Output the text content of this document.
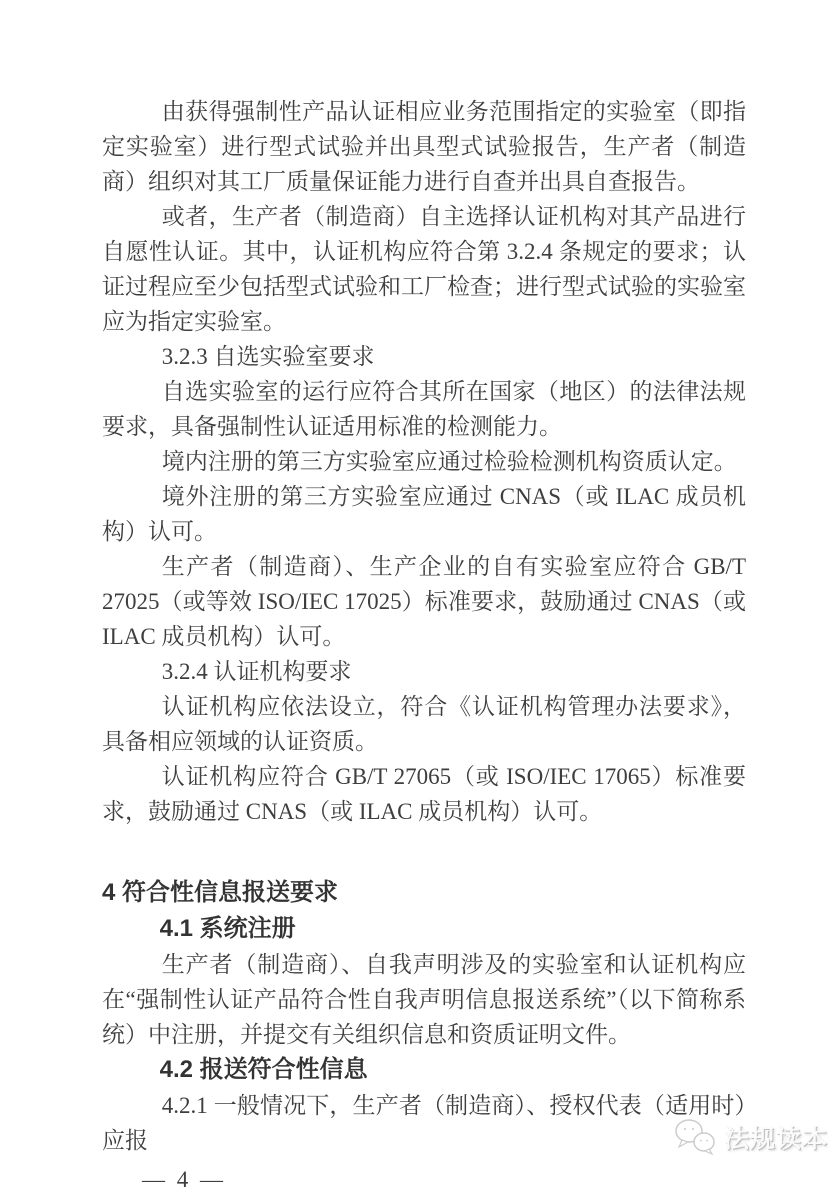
由获得强制性产品认证相应业务范围指定的实验室（即指定实验室）进行型式试验并出具型式试验报告，生产者（制造商）组织对其工厂质量保证能力进行自查并出具自查报告。

或者，生产者（制造商）自主选择认证机构对其产品进行自愿性认证。其中，认证机构应符合第 3.2.4 条规定的要求；认证过程应至少包括型式试验和工厂检查；进行型式试验的实验室应为指定实验室。

3.2.3 自选实验室要求

自选实验室的运行应符合其所在国家（地区）的法律法规要求，具备强制性认证适用标准的检测能力。

境内注册的第三方实验室应通过检验检测机构资质认定。

境外注册的第三方实验室应通过 CNAS（或 ILAC 成员机构）认可。

生产者（制造商）、生产企业的自有实验室应符合 GB/T 27025（或等效 ISO/IEC 17025）标准要求，鼓励通过 CNAS（或 ILAC 成员机构）认可。

3.2.4 认证机构要求

认证机构应依法设立，符合《认证机构管理办法要求》，具备相应领域的认证资质。

认证机构应符合 GB/T 27065（或 ISO/IEC 17065）标准要求，鼓励通过 CNAS（或 ILAC 成员机构）认可。

4 符合性信息报送要求
4.1 系统注册

生产者（制造商）、自我声明涉及的实验室和认证机构应在“强制性认证产品符合性自我声明信息报送系统”（以下简称系统）中注册，并提交有关组织信息和资质证明文件。

4.2 报送符合性信息

4.2.1 一般情况下，生产者（制造商）、授权代表（适用时）应报

— 4 —
法规读本
